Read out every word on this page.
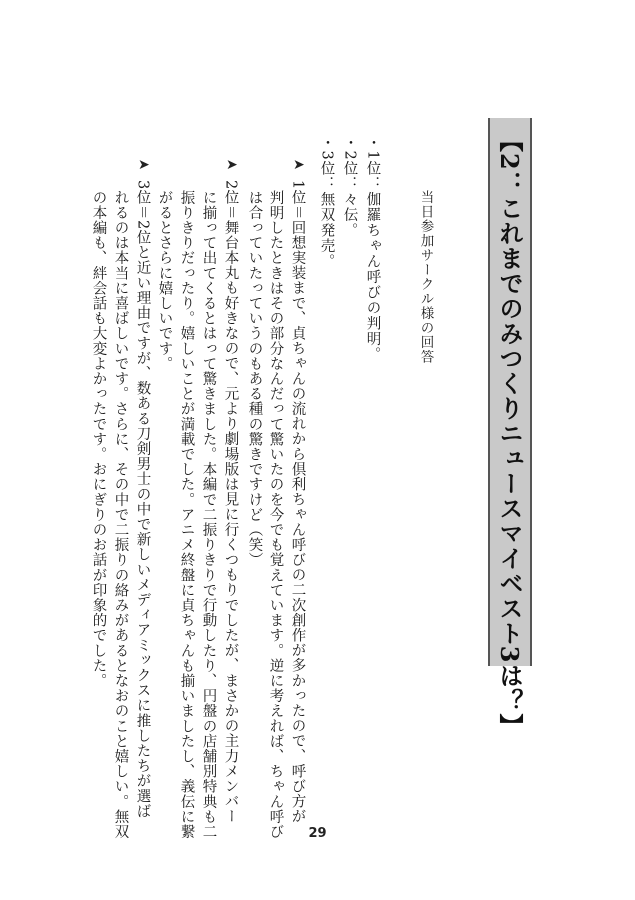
【2：これまでのみつくりニュースマイベスト3は？】
当日参加サークル様の回答
・1位：伽羅ちゃん呼びの判明。
・2位：々伝。
・3位：無双発売。
➤
1位＝回想実装まで、貞ちゃんの流れから倶利ちゃん呼びの二次創作が多かったので、呼び方が
判明したときはその部分なんだって驚いたのを今でも覚えています。逆に考えれば、ちゃん呼び
は合っていたっていうのもある種の驚きですけど（笑）
➤
2位＝舞台本丸も好きなので、元より劇場版は見に行くつもりでしたが、まさかの主力メンバー
に揃って出てくるとはって驚きました。本編で二振りきりで行動したり、円盤の店舗別特典も二
振りきりだったり。嬉しいことが満載でした。アニメ終盤に貞ちゃんも揃いましたし、義伝に繋
がるとさらに嬉しいです。
➤
3位＝2位と近い理由ですが、数ある刀剣男士の中で新しいメディアミックスに推したちが選ば
れるのは本当に喜ばしいです。さらに、その中で二振りの絡みがあるとなおのこと嬉しい。無双
の本編も、絆会話も大変よかったです。おにぎりのお話が印象的でした。
29
